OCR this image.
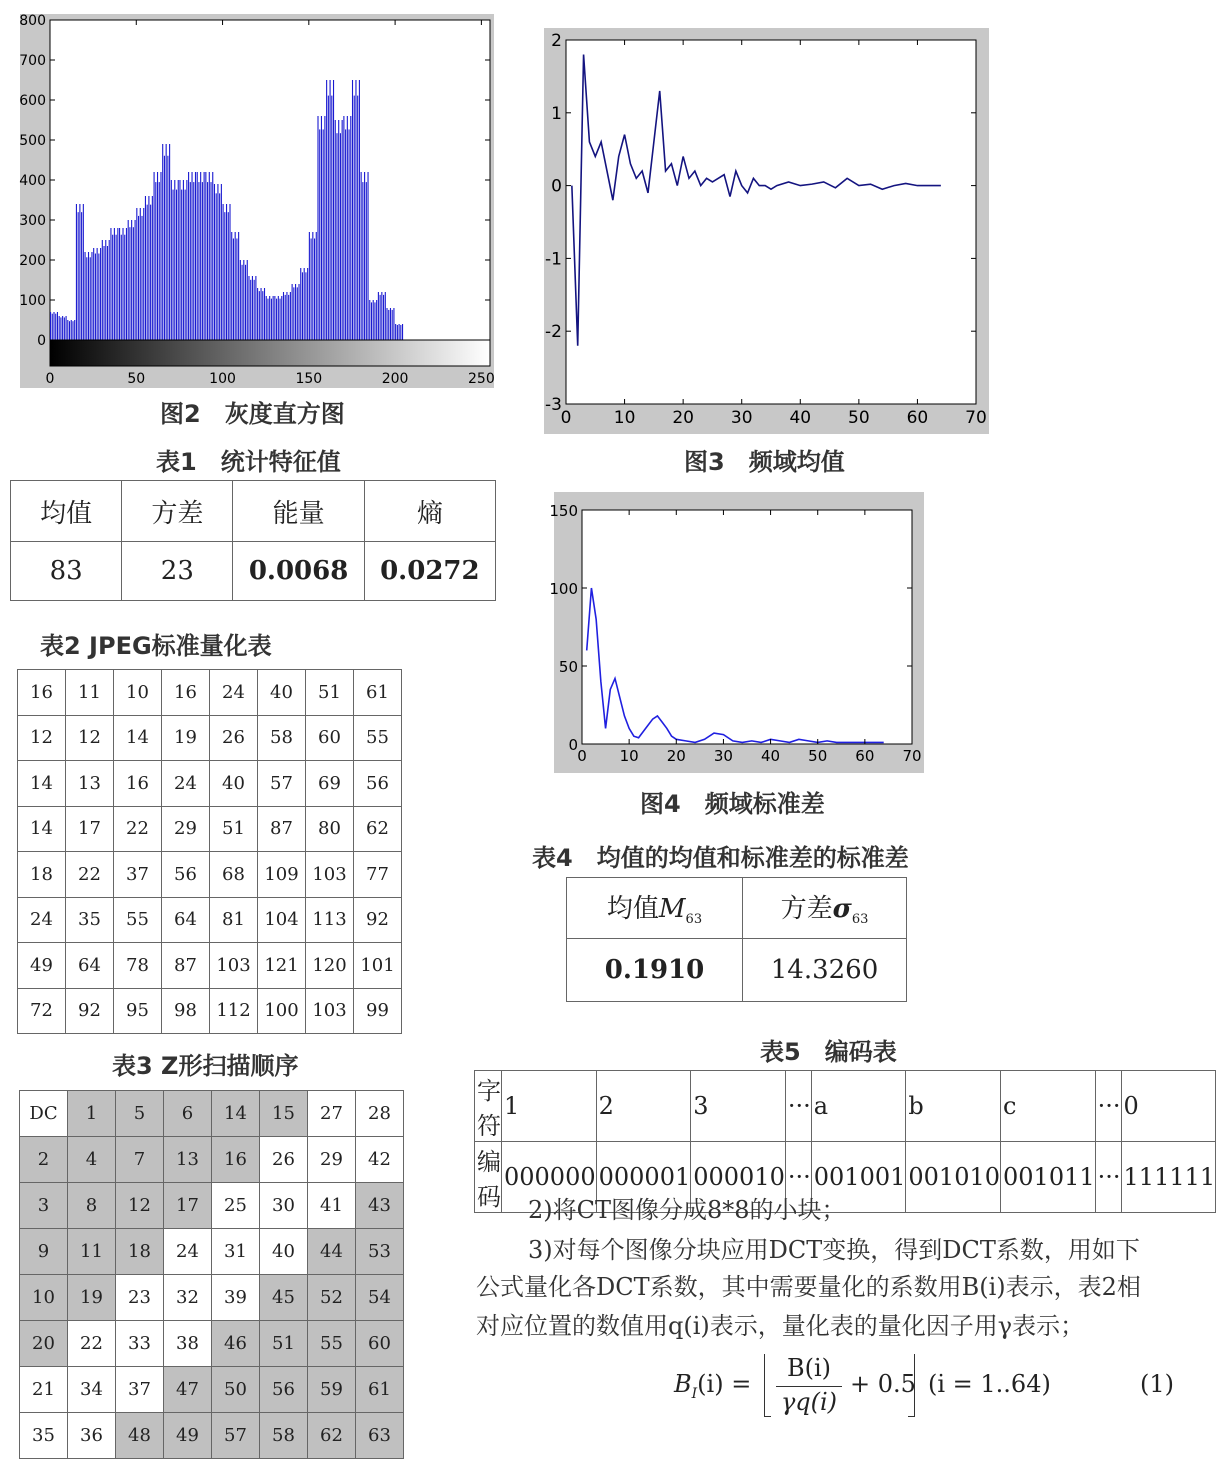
0
100
200
300
400
500
600
700
800
0	50	100	150	200	250
图2　灰度直方图	-3
-2
-1
0
1
2
0 10 20 30 40 50 60 70
图3　频域均值
0
50
100
150
0 10 20 30 40 50 60 70
图4　频域标准差
表1　统计特征值
均值	方差	能量	熵
83	23	0.0068	0.0272
表2 JPEG标准量化表
16	11	10	16	24	40	51	61
12	12	14	19	26	58	60	55
14	13	16	24	40	57	69	56
14	17	22	29	51	87	80	62
18	22	37	56	68	109	103	77
24	35	55	64	81	104	113	92
49	64	78	87	103	121	120	101
72	92	95	98	112	100	103	99
表3 Z形扫描顺序
DC	1	5	6	14	15	27	28
2	4	7	13	16	26	29	42
3	8	12	17	25	30	41	43
9	11	18	24	31	40	44	53
10	19	23	32	39	45	52	54
20	22	33	38	46	51	55	60
21	34	37	47	50	56	59	61
35	36	48	49	57	58	62	63
表4　均值的均值和标准差的标准差
均值$M_{63}$	方差$\sigma_{63}$
0.1910	14.3260
表5　编码表
字符	1	2	3	···	a	b	c	···	0
编码	000000	000001	000010	···	001001	001010	001011	···	111111
2)将CT图像分成8*8的小块；
3)对每个图像分块应用DCT变换，得到DCT系数，用如下
公式量化各DCT系数，其中需要量化的系数用B(i)表示，表2相
对应位置的数值用q(i)表示，量化表的量化因子用γ表示；
$B_I(i)$ =
B(i)
γq(i)
+ 0.5 (i = 1..64)	(1)
